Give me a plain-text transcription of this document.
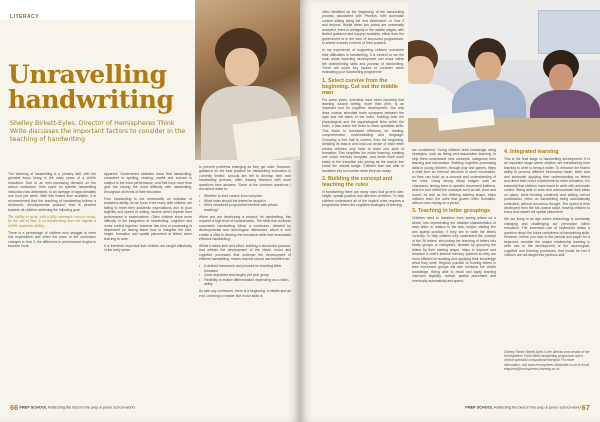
LITERACY
Unravelling
handwriting
Shelley Birkett-Eyles, Director of Hemispheres Think Write discusses the important factors to consider in the teaching of handwriting

The teaching of handwriting is a primary skill, with the greatest focus being in the early years of a child's education. Due to an ever-increasing demand on the school curriculum, time spent on specific handwriting instruction has diminished, to an average of approximately one hour per week. With this limited time available, it is recommended that the teaching of handwriting follows a structured, developmental protocol, that is directed towards all children achieving the following goal:

The ability to write, with a fully automatic cursive script, by the end of Year 2, as handwriting does not impede a child's academic ability.

There is a percentage of children who struggle to meet this expectation and when the pace of the curriculum changes in Year 3, the difference in performance begins to become more

apparent. Government statistics show that handwriting, compared to spelling, reading, maths and science is subject to the most performance, and that boys more than girls are having the most difficulty with handwriting, throughout all levels of their education.

Poor handwriting is not necessarily an indicator of academic ability, as we know it but many able children are failing to meet their academic expectations due to poor legibility and speed of writing, factors which impede their performance in examinations. Often children show more difficulty in the integration of handwriting, cognition and motor control together, however this kind of processing is dependent on having learnt how to integrate the size, height, formation and spatial placement of letters when learning to write.

It is therefore important that children are taught effectively in the early years,

to prevent problems emerging as they get older. However, guidance on the best practice for handwriting instruction is currently limited; schools are left to develop their own handwriting protocol, often leaving teachers with more questions than answers. Some of the common questions I am asked relate to:

• Whether to start cursive from reception
• What order should the letters be taught in
• Will a structured programme interfere with phonic teaching?

When you are developing a protocol for handwriting, this requires a high level of consideration. The skills that underpin successful handwriting follow a continuum, dictated by developmental and neurological milestones, which in turn enable a child to develop the functional skills that necessitate effective handwriting.

Whilst it takes time and effort, building a structured protocol, that reflects the development of the visual, motor and cognitive processes that underpin the development of efficient handwriting, means that the school can benefit from:

• A defined framework and process for teaching letter formation
• Clear objectives and targets per year group
• Flexibility to enable differentiation depending on a child's ability

As with any continuum, there is a beginning, a middle and an end. Learning to master fine motor skills is

66 PREP SCHOOL Reflecting the best in the prep & junior school world

often identified as the 'beginning' of the handwriting process associated with Phonics, with automatic cursive writing being the 'end destination', in Year 2 and beyond. Whilst these two points are universally accepted, there is ambiguity in the middle stages, with limited guidance and support available, either from the government or in the form of structured programmes, to advise schools in terms of 'best practice'.

In my experience of supporting children overcome their difficulties in handwriting, it is evident to me the main areas impeding development can occur within the underpinning skills and process of handwriting. There are some key factors to consider when evaluating your handwriting programme.

1. Select cursive from the beginning. Cut out the middle man

For some years, scientists have been reporting that learning cursive writing, more than print, is an important tool for cognitive development. Not only does cursive stimulate brain synapses between the right and left sides of the brain, building both the physiological and the psychological links within the brain, it also trains the brain to learn specialist skills. This leads to increased efficiency for reading, comprehension, understanding and language. Choosing a font that is cursive, from the beginning, detailing its lead-in and lead-out stroke of each letter means children only have to learn one style of formation. This simplifies the motor learning, creating one motor memory template, and lends itself more easily to the transition into joining as the lead-in line forms the natural bridge. Children then are able to transition into full cursive when they are ready.

2. Building the concept and teaching the rules

In handwriting there are many rules that govern size, height, spatial position and direction of letters. To help children understand all of the implicit rules requires a programme where the cognitive strategies of learning

are considered. Young children build knowledge using strategies, such as listing and association learning, to help them understand new concepts, categorise their learning and information. Building cognitive processing skills in young children, through play and games, helps a child form an 'internal' structure to store information, so they can build up a concept and understanding of the rules. Using strong visual images such as characters, linking them to specific movement patterns, which in turn reflect the concepts such as tall, short and round, as well as the defining starting shape, helps children learn the rules that govern letter formation, without over-relying on a pencil.

3. Teaching in letter groupings

Children need to transition from seeing letters as a whole, into representing the detailed characteristics of each letter, in relation to the size, height, starting line and spatial position, if they are to write the letters correctly. To help children fully understand the concept of the 26 letters, structuring the teaching of letters into family groups or categories, dictated by grouping the letters by their starting shape, helps to improve and structure a child's internal memory systems so they are more efficient at recalling and applying their knowledge when they write. Regular practice of forming letters in their movement groups will also reinforce the child's knowledge. Being able to recall and apply learning improves legibility, overall, spatial placement and eventually automaticity and speed.

4. Integrated learning

This is the final stage of handwriting development. It is an important stage where children are transitioning from learning to write to being a writer. To enhance the brain's ability to process different information faster, letter size and automatic applying their understanding on letters and direct their motor movements for letter formation, it is essential that children have learnt to write with automatic control. Being able to write and communicate their ideas on paper, while thinking creatively and adding correct punctuation, relies on handwriting being automatically controlled, without conscious thought. The speed is then developed from the full cursive script, leaving children to focus and master full spatial placement.

We are living in an age where technology is constantly changing and challenging our perception within education. The increased use of keyboards raises a question about the future usefulness of handwriting skills. However, before you rush to the pencils and paper for a keyboard, consider the unique relationship learning to write has to the development of the neurological, cognitive and learning processes, that would be lost if children are not taught this precious skill.

Shelley Parker Birkett-Eyles is the director and creator of the Hemispheres Think Write handwriting programme and a clinical specialist occupational therapist. For more information, visit www.hemispheres-thinkwrite.co.uk or email enquiries@hemispheres-learning.co.uk
PREP SCHOOL Reflecting the best in the prep & junior school world 67
